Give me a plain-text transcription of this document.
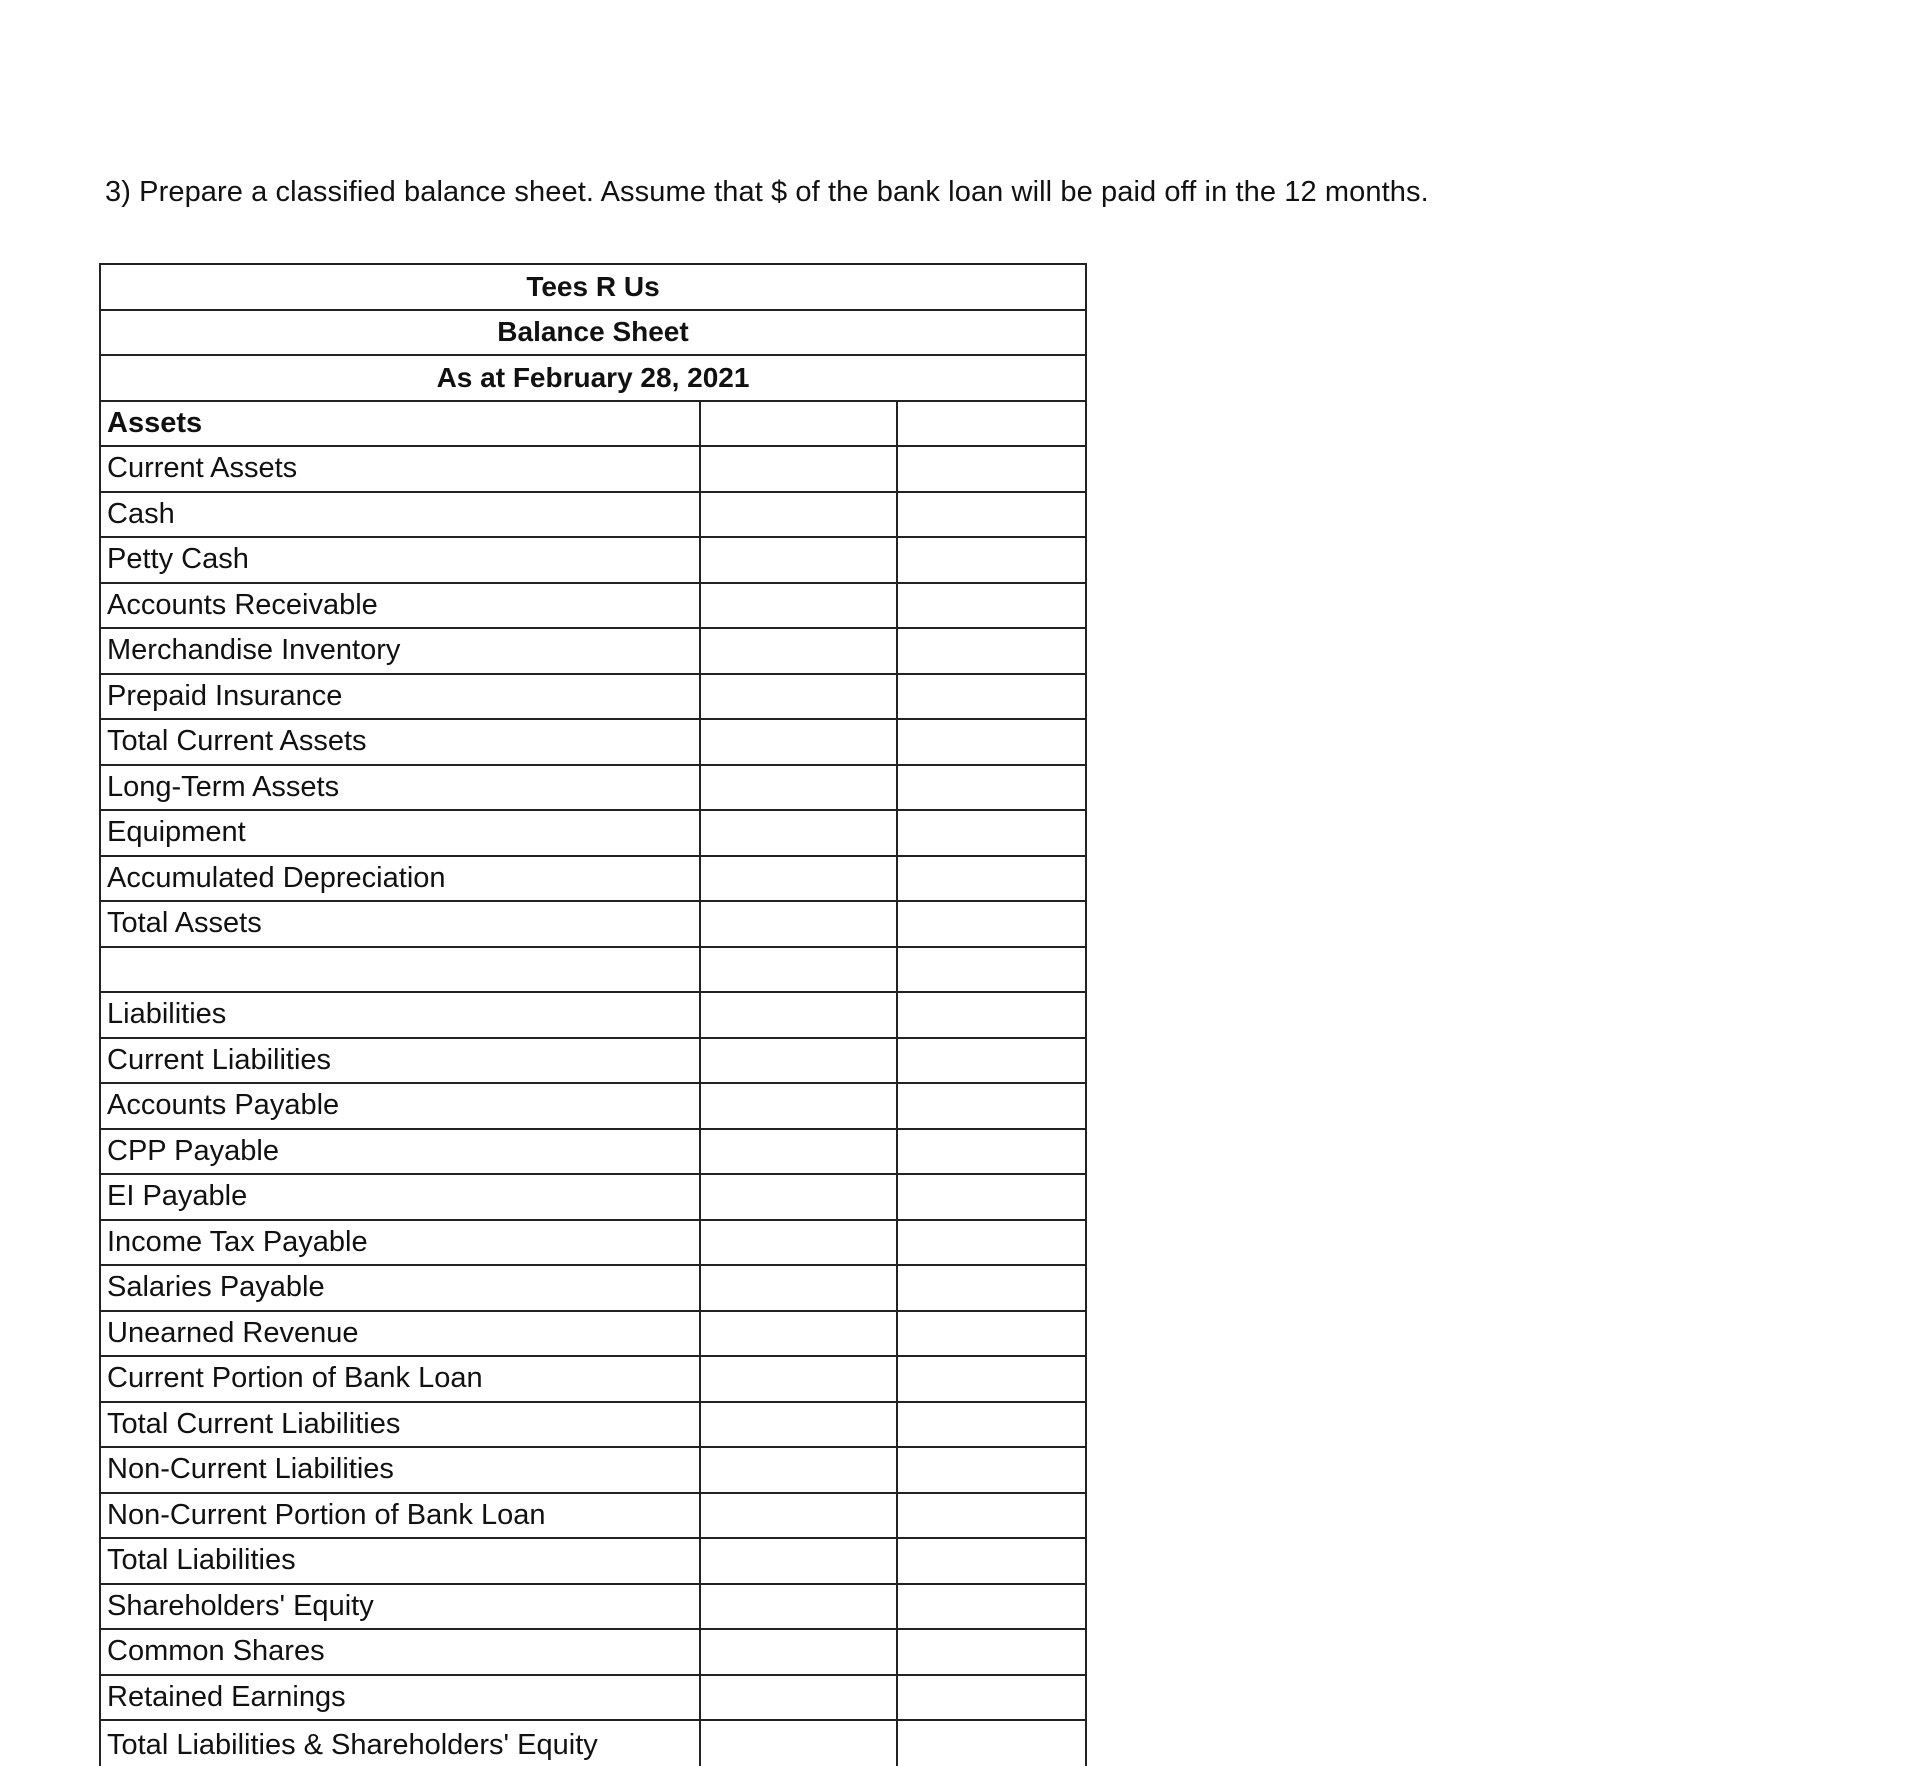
3) Prepare a classified balance sheet. Assume that $ of the bank loan will be paid off in the 12 months.
Tees R Us		
Balance Sheet		
As at February 28, 2021		
Assets		
Current Assets		
Cash		
Petty Cash		
Accounts Receivable		
Merchandise Inventory		
Prepaid Insurance		
Total Current Assets		
Long-Term Assets		
Equipment		
Accumulated Depreciation		
Total Assets		

Liabilities		
Current Liabilities		
Accounts Payable		
CPP Payable		
EI Payable		
Income Tax Payable		
Salaries Payable		
Unearned Revenue		
Current Portion of Bank Loan		
Total Current Liabilities		
Non-Current Liabilities		
Non-Current Portion of Bank Loan		
Total Liabilities		
Shareholders' Equity		
Common Shares		
Retained Earnings		
Total Liabilities & Shareholders' Equity		
